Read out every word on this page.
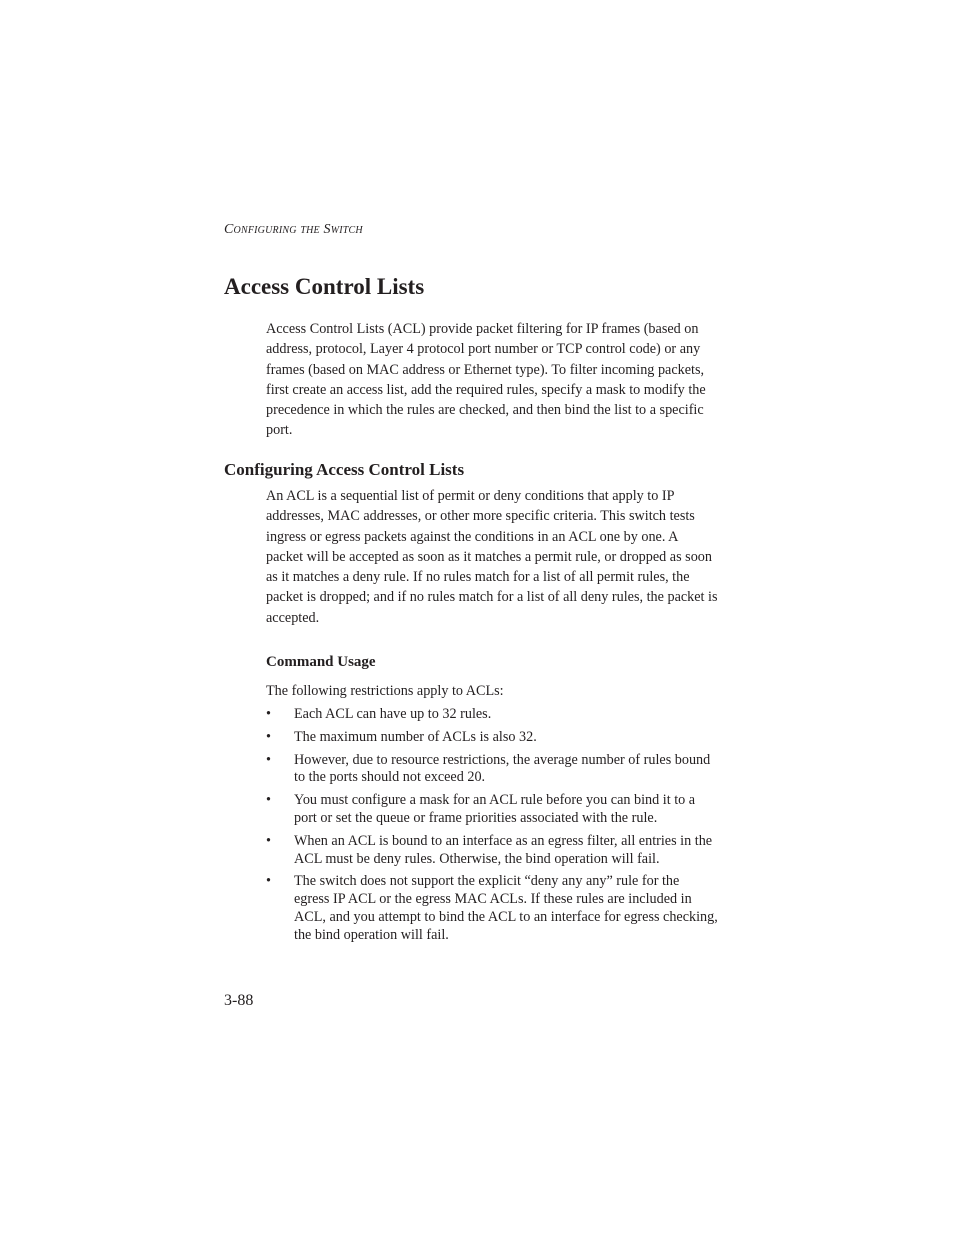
Configuring the Switch
Access Control Lists

Access Control Lists (ACL) provide packet filtering for IP frames (based on address, protocol, Layer 4 protocol port number or TCP control code) or any frames (based on MAC address or Ethernet type). To filter incoming packets, first create an access list, add the required rules, specify a mask to modify the precedence in which the rules are checked, and then bind the list to a specific port.

Configuring Access Control Lists

An ACL is a sequential list of permit or deny conditions that apply to IP addresses, MAC addresses, or other more specific criteria. This switch tests ingress or egress packets against the conditions in an ACL one by one. A packet will be accepted as soon as it matches a permit rule, or dropped as soon as it matches a deny rule. If no rules match for a list of all permit rules, the packet is dropped; and if no rules match for a list of all deny rules, the packet is accepted.

Command Usage

The following restrictions apply to ACLs:

• Each ACL can have up to 32 rules.
• The maximum number of ACLs is also 32.
• However, due to resource restrictions, the average number of rules bound to the ports should not exceed 20.
• You must configure a mask for an ACL rule before you can bind it to a port or set the queue or frame priorities associated with the rule.
• When an ACL is bound to an interface as an egress filter, all entries in the ACL must be deny rules. Otherwise, the bind operation will fail.
• The switch does not support the explicit “deny any any” rule for the egress IP ACL or the egress MAC ACLs. If these rules are included in ACL, and you attempt to bind the ACL to an interface for egress checking, the bind operation will fail.
3-88
